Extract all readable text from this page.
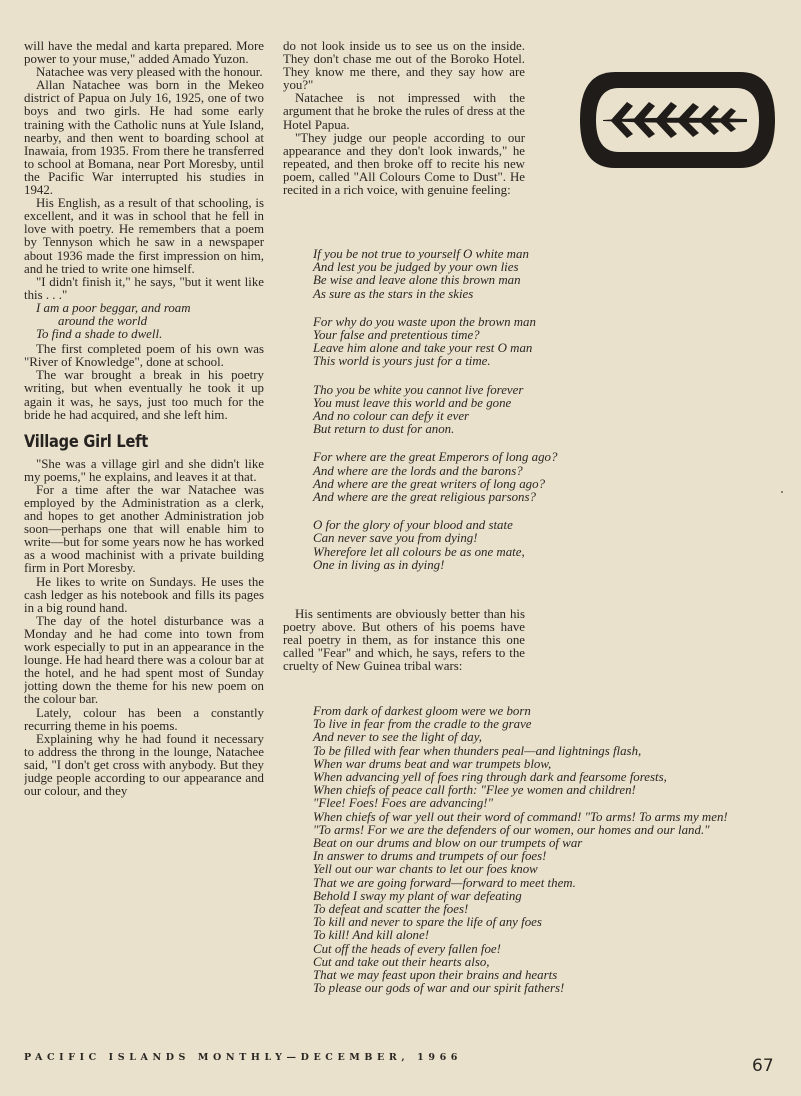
will have the medal and karta prepared. More power to your muse," added Amado Yuzon.

Natachee was very pleased with the honour.

Allan Natachee was born in the Mekeo district of Papua on July 16, 1925, one of two boys and two girls. He had some early training with the Catholic nuns at Yule Island, nearby, and then went to boarding school at Inawaia, from 1935. From there he transferred to school at Bomana, near Port Moresby, until the Pacific War interrupted his studies in 1942.

His English, as a result of that schooling, is excellent, and it was in school that he fell in love with poetry. He remembers that a poem by Tennyson which he saw in a newspaper about 1936 made the first impression on him, and he tried to write one himself.

"I didn't finish it," he says, "but it went like this . . ."

I am a poor beggar, and roam
around the world
To find a shade to dwell.

The first completed poem of his own was "River of Knowledge", done at school.

The war brought a break in his poetry writing, but when eventually he took it up again it was, he says, just too much for the bride he had acquired, and she left him.

Village Girl Left

"She was a village girl and she didn't like my poems," he explains, and leaves it at that.

For a time after the war Natachee was employed by the Administration as a clerk, and hopes to get another Administration job soon—perhaps one that will enable him to write—but for some years now he has worked as a wood machinist with a private building firm in Port Moresby.

He likes to write on Sundays. He uses the cash ledger as his notebook and fills its pages in a big round hand.

The day of the hotel disturbance was a Monday and he had come into town from work especially to put in an appearance in the lounge. He had heard there was a colour bar at the hotel, and he had spent most of Sunday jotting down the theme for his new poem on the colour bar.

Lately, colour has been a constantly recurring theme in his poems.

Explaining why he had found it necessary to address the throng in the lounge, Natachee said, "I don't get cross with anybody. But they judge people according to our appearance and our colour, and they

do not look inside us to see us on the inside. They don't chase me out of the Boroko Hotel. They know me there, and they say how are you?"

Natachee is not impressed with the argument that he broke the rules of dress at the Hotel Papua.

"They judge our people according to our appearance and they don't look inwards," he repeated, and then broke off to recite his new poem, called "All Colours Come to Dust". He recited in a rich voice, with genuine feeling:

If you be not true to yourself O white man
And lest you be judged by your own lies
Be wise and leave alone this brown man
As sure as the stars in the skies
For why do you waste upon the brown man
Your false and pretentious time?
Leave him alone and take your rest O man
This world is yours just for a time.
Tho you be white you cannot live forever
You must leave this world and be gone
And no colour can defy it ever
But return to dust for anon.
For where are the great Emperors of long ago?
And where are the lords and the barons?
And where are the great writers of long ago?
And where are the great religious parsons?
O for the glory of your blood and state
Can never save you from dying!
Wherefore let all colours be as one mate,
One in living as in dying!

His sentiments are obviously better than his poetry above. But others of his poems have real poetry in them, as for instance this one called "Fear" and which, he says, refers to the cruelty of New Guinea tribal wars:

From dark of darkest gloom were we born
To live in fear from the cradle to the grave
And never to see the light of day,
To be filled with fear when thunders peal—and lightnings flash,
When war drums beat and war trumpets blow,
When advancing yell of foes ring through dark and fearsome forests,
When chiefs of peace call forth: "Flee ye women and children!
"Flee! Foes! Foes are advancing!"
When chiefs of war yell out their word of command! "To arms! To arms my men!
"To arms! For we are the defenders of our women, our homes and our land."
Beat on our drums and blow on our trumpets of war
In answer to drums and trumpets of our foes!
Yell out our war chants to let our foes know
That we are going forward—forward to meet them.
Behold I sway my plant of war defeating
To defeat and scatter the foes!
To kill and never to spare the life of any foes
To kill! And kill alone!
Cut off the heads of every fallen foe!
Cut and take out their hearts also,
That we may feast upon their brains and hearts
To please our gods of war and our spirit fathers!
PACIFIC ISLANDS MONTHLY—DECEMBER, 1966	67
